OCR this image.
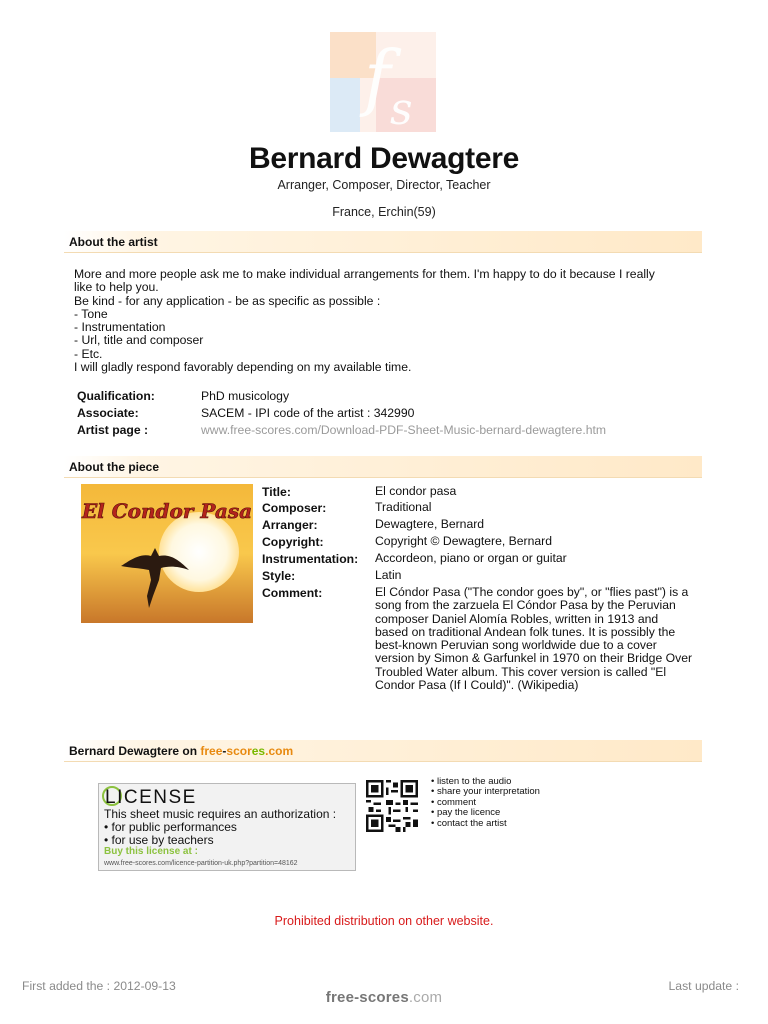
f s
Bernard Dewagtere
Arranger, Composer, Director, Teacher
France, Erchin(59)
About the artist
More and more people ask me to make individual arrangements for them. I'm happy to do it because I really
like to help you.
Be kind - for any application - be as specific as possible :
- Tone
- Instrumentation
- Url, title and composer
- Etc.
I will gladly respond favorably depending on my available time.
Qualification:	PhD musicology
Associate:	SACEM - IPI code of the artist : 342990
Artist page :	www.free-scores.com/Download-PDF-Sheet-Music-bernard-dewagtere.htm
About the piece
El Condor Pasa
Title:	El condor pasa
Composer:	Traditional
Arranger:	Dewagtere, Bernard
Copyright:	Copyright © Dewagtere, Bernard
Instrumentation: Accordeon, piano or organ or guitar
Style:	Latin
Comment:	El Cóndor Pasa ("The condor goes by", or "flies past") is a
song from the zarzuela El Cóndor Pasa by the Peruvian
composer Daniel Alomía Robles, written in 1913 and
based on traditional Andean folk tunes. It is possibly the
best-known Peruvian song worldwide due to a cover
version by Simon & Garfunkel in 1970 on their Bridge Over
Troubled Water album. This cover version is called "El
Condor Pasa (If I Could)". (Wikipedia)
Bernard Dewagtere on free-scores.com
LICENSE
This sheet music requires an authorization :
• for public performances
• for use by teachers
Buy this license at :
www.free-scores.com/licence-partition-uk.php?partition=48162
• listen to the audio
• share your interpretation
• comment
• pay the licence
• contact the artist
Prohibited distribution on other website.
First added the : 2012-09-13	Last update :
free-scores.com
